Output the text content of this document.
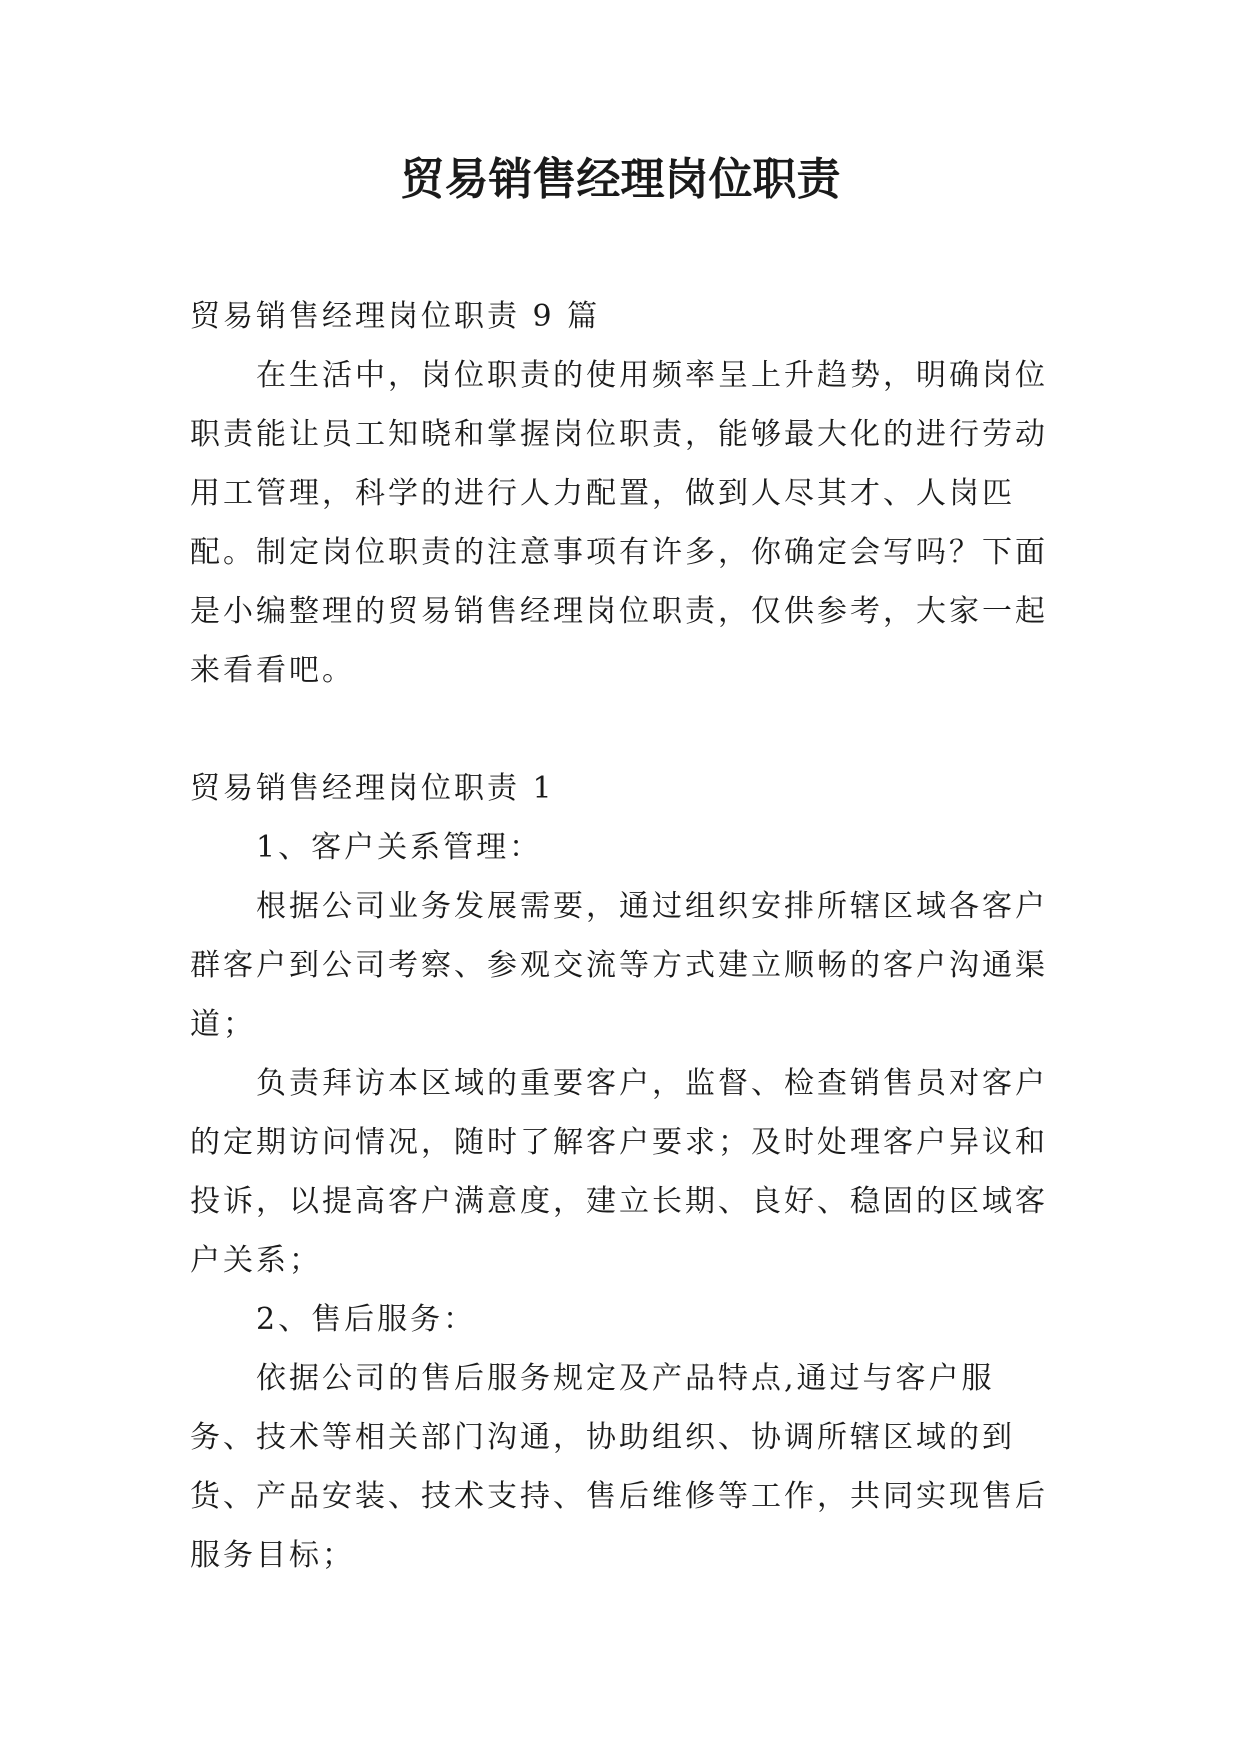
贸易销售经理岗位职责

贸易销售经理岗位职责 9 篇

在生活中，岗位职责的使用频率呈上升趋势，明确岗位职责能让员工知晓和掌握岗位职责，能够最大化的进行劳动用工管理，科学的进行人力配置，做到人尽其才、人岗匹配。制定岗位职责的注意事项有许多，你确定会写吗？下面是小编整理的贸易销售经理岗位职责，仅供参考，大家一起来看看吧。

贸易销售经理岗位职责 1

1、客户关系管理：

根据公司业务发展需要，通过组织安排所辖区域各客户群客户到公司考察、参观交流等方式建立顺畅的客户沟通渠道；

负责拜访本区域的重要客户，监督、检查销售员对客户的定期访问情况，随时了解客户要求；及时处理客户异议和投诉，以提高客户满意度，建立长期、良好、稳固的区域客户关系；

2、售后服务：

依据公司的售后服务规定及产品特点,通过与客户服务、技术等相关部门沟通，协助组织、协调所辖区域的到货、产品安装、技术支持、售后维修等工作，共同实现售后服务目标；
